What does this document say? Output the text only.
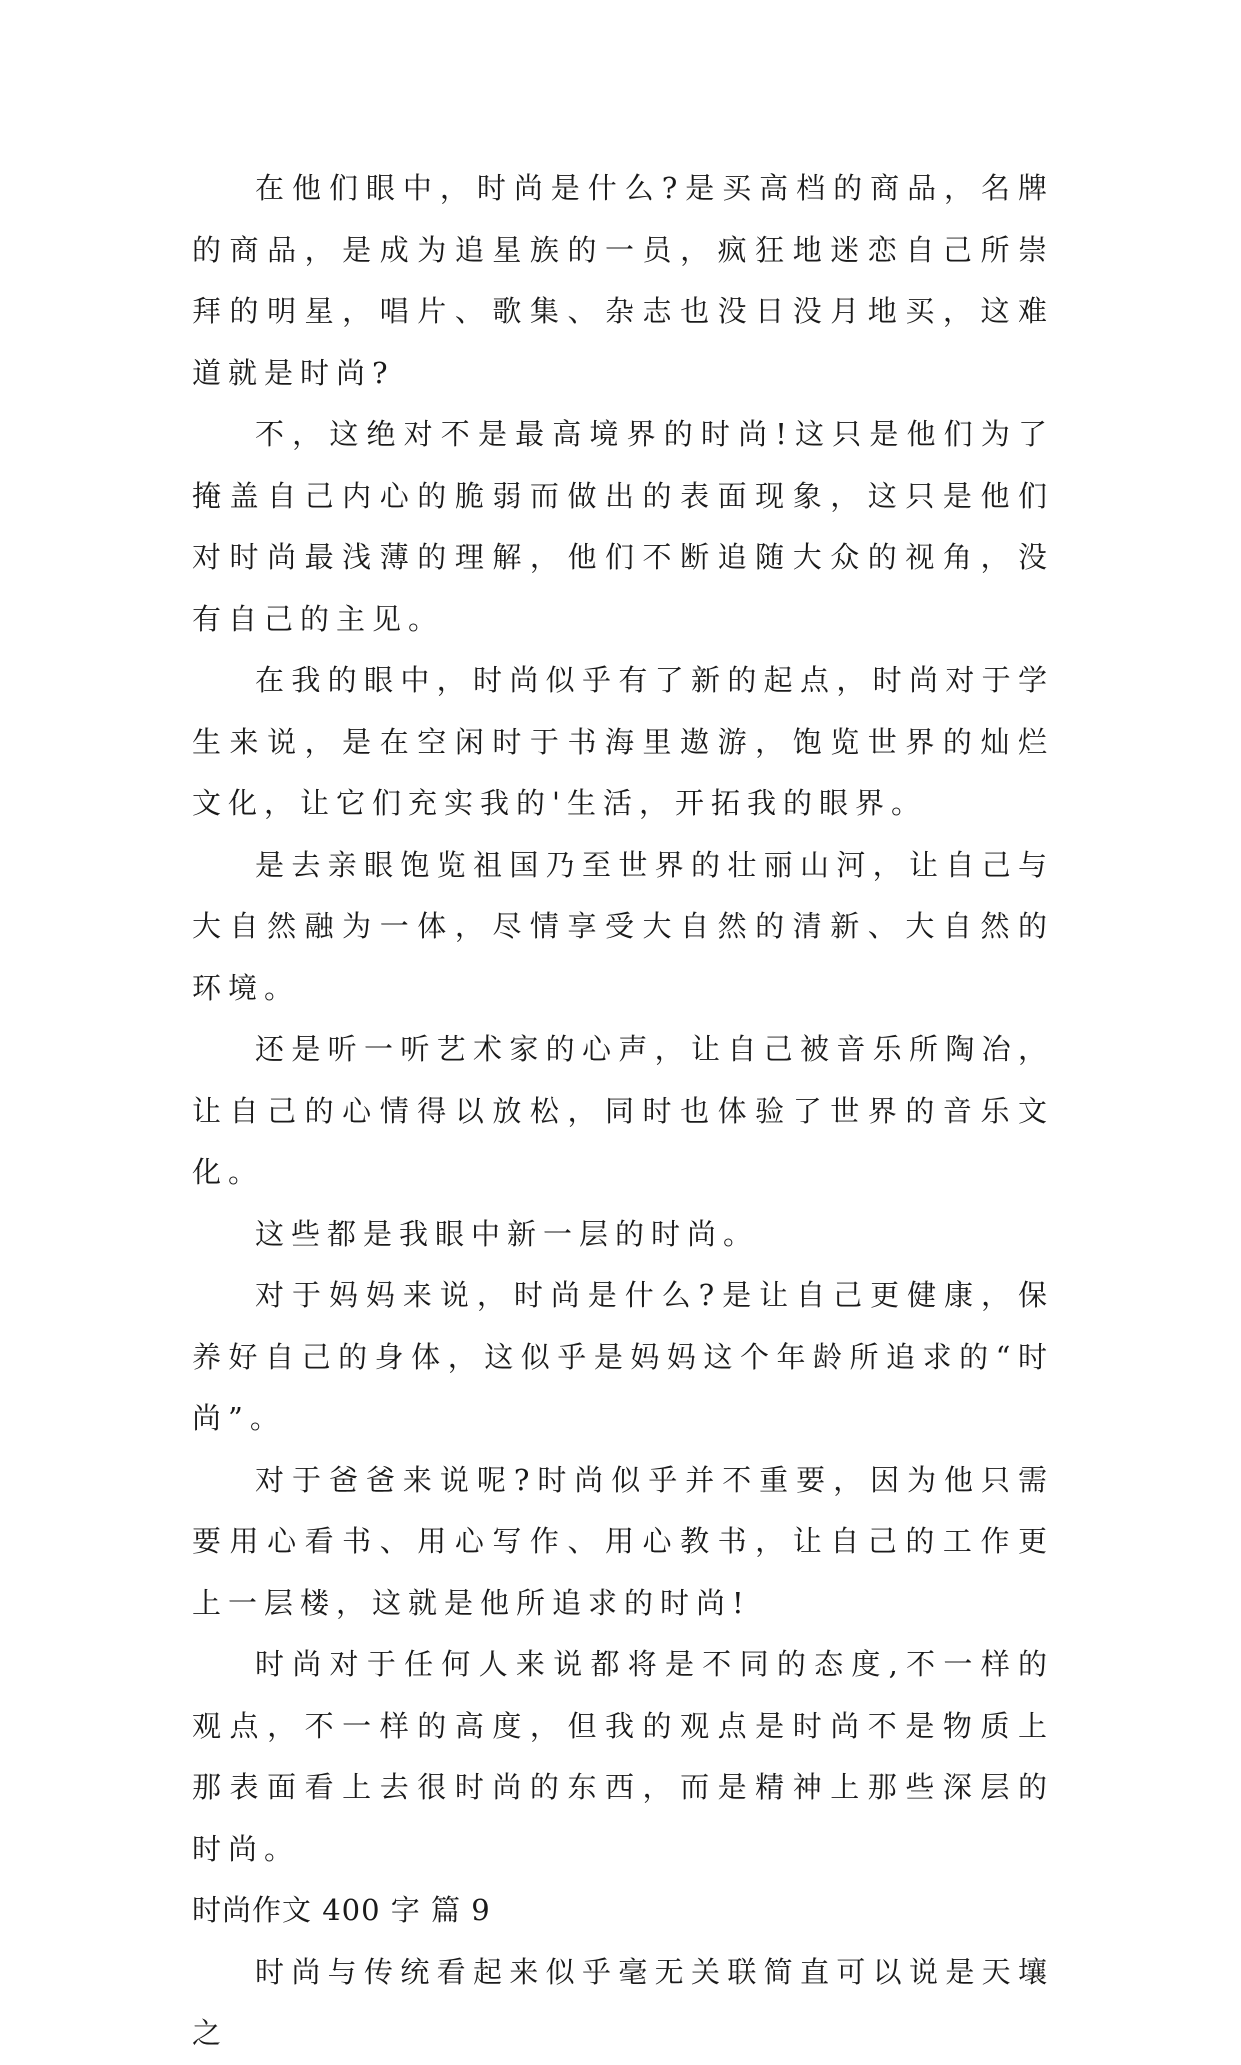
在他们眼中，时尚是什么?是买高档的商品，名牌的商品，是成为追星族的一员，疯狂地迷恋自己所崇拜的明星，唱片、歌集、杂志也没日没月地买，这难道就是时尚?

不，这绝对不是最高境界的时尚!这只是他们为了掩盖自己内心的脆弱而做出的表面现象，这只是他们对时尚最浅薄的理解，他们不断追随大众的视角，没有自己的主见。

在我的眼中，时尚似乎有了新的起点，时尚对于学生来说，是在空闲时于书海里遨游，饱览世界的灿烂文化，让它们充实我的'生活，开拓我的眼界。

是去亲眼饱览祖国乃至世界的壮丽山河，让自己与大自然融为一体，尽情享受大自然的清新、大自然的环境。

还是听一听艺术家的心声，让自己被音乐所陶冶，让自己的心情得以放松，同时也体验了世界的音乐文化。

这些都是我眼中新一层的时尚。

对于妈妈来说，时尚是什么?是让自己更健康，保养好自己的身体，这似乎是妈妈这个年龄所追求的“时尚”。

对于爸爸来说呢?时尚似乎并不重要，因为他只需要用心看书、用心写作、用心教书，让自己的工作更上一层楼，这就是他所追求的时尚!

时尚对于任何人来说都将是不同的态度,不一样的观点，不一样的高度，但我的观点是时尚不是物质上那表面看上去很时尚的东西，而是精神上那些深层的时尚。

时尚作文 400 字 篇 9

时尚与传统看起来似乎毫无关联简直可以说是天壤之
